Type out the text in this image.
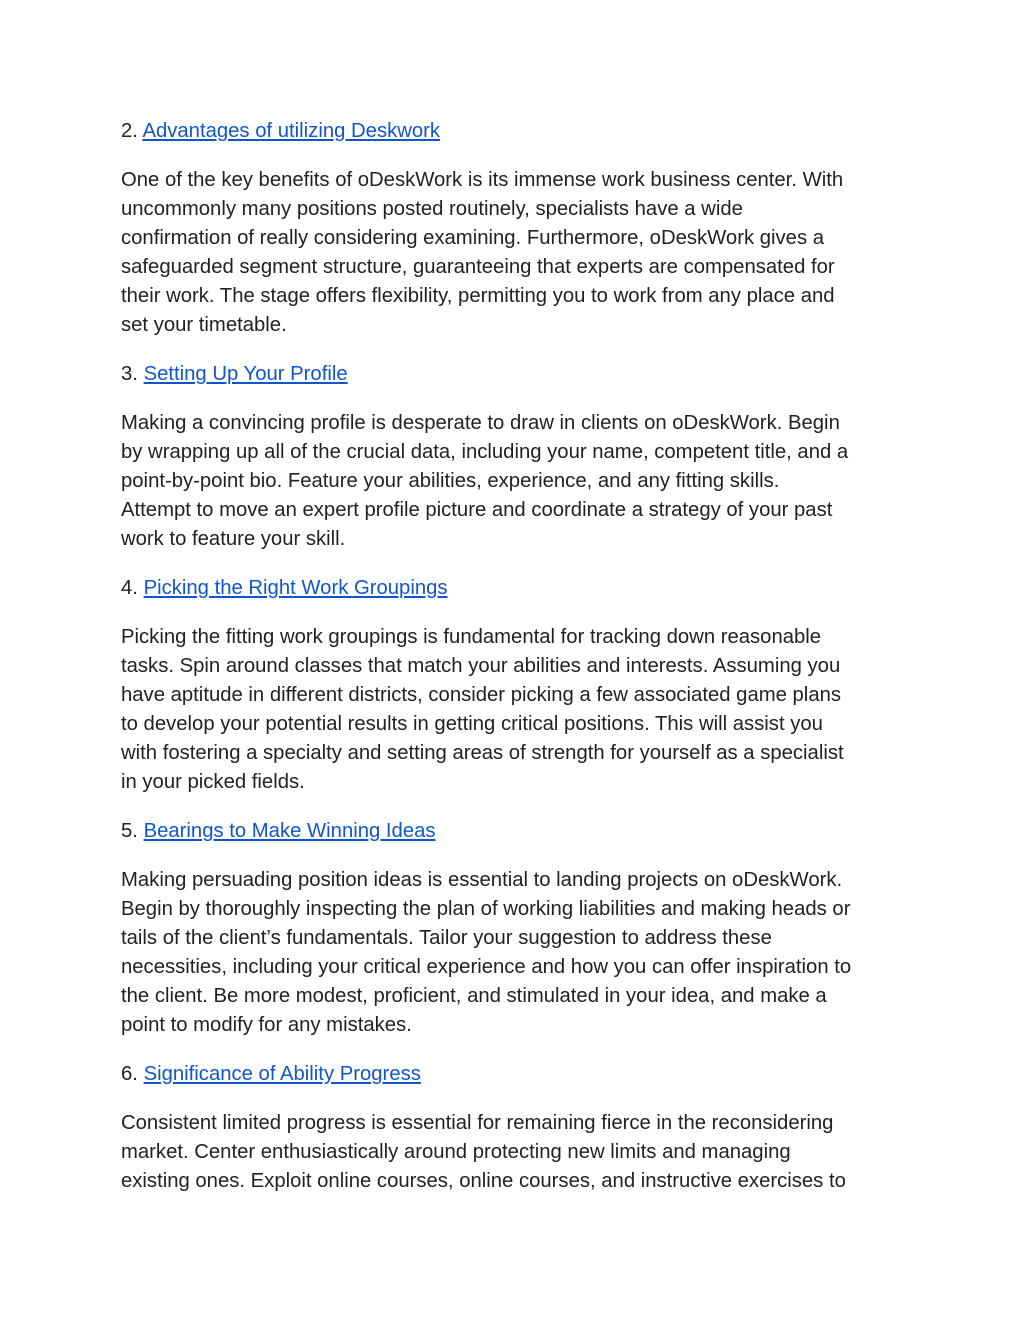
2. Advantages of utilizing Deskwork
One of the key benefits of oDeskWork is its immense work business center. With
uncommonly many positions posted routinely, specialists have a wide
confirmation of really considering examining. Furthermore, oDeskWork gives a
safeguarded segment structure, guaranteeing that experts are compensated for
their work. The stage offers flexibility, permitting you to work from any place and
set your timetable.
3. Setting Up Your Profile
Making a convincing profile is desperate to draw in clients on oDeskWork. Begin
by wrapping up all of the crucial data, including your name, competent title, and a
point-by-point bio. Feature your abilities, experience, and any fitting skills.
Attempt to move an expert profile picture and coordinate a strategy of your past
work to feature your skill.
4. Picking the Right Work Groupings
Picking the fitting work groupings is fundamental for tracking down reasonable
tasks. Spin around classes that match your abilities and interests. Assuming you
have aptitude in different districts, consider picking a few associated game plans
to develop your potential results in getting critical positions. This will assist you
with fostering a specialty and setting areas of strength for yourself as a specialist
in your picked fields.
5. Bearings to Make Winning Ideas
Making persuading position ideas is essential to landing projects on oDeskWork.
Begin by thoroughly inspecting the plan of working liabilities and making heads or
tails of the client’s fundamentals. Tailor your suggestion to address these
necessities, including your critical experience and how you can offer inspiration to
the client. Be more modest, proficient, and stimulated in your idea, and make a
point to modify for any mistakes.
6. Significance of Ability Progress
Consistent limited progress is essential for remaining fierce in the reconsidering
market. Center enthusiastically around protecting new limits and managing
existing ones. Exploit online courses, online courses, and instructive exercises to
